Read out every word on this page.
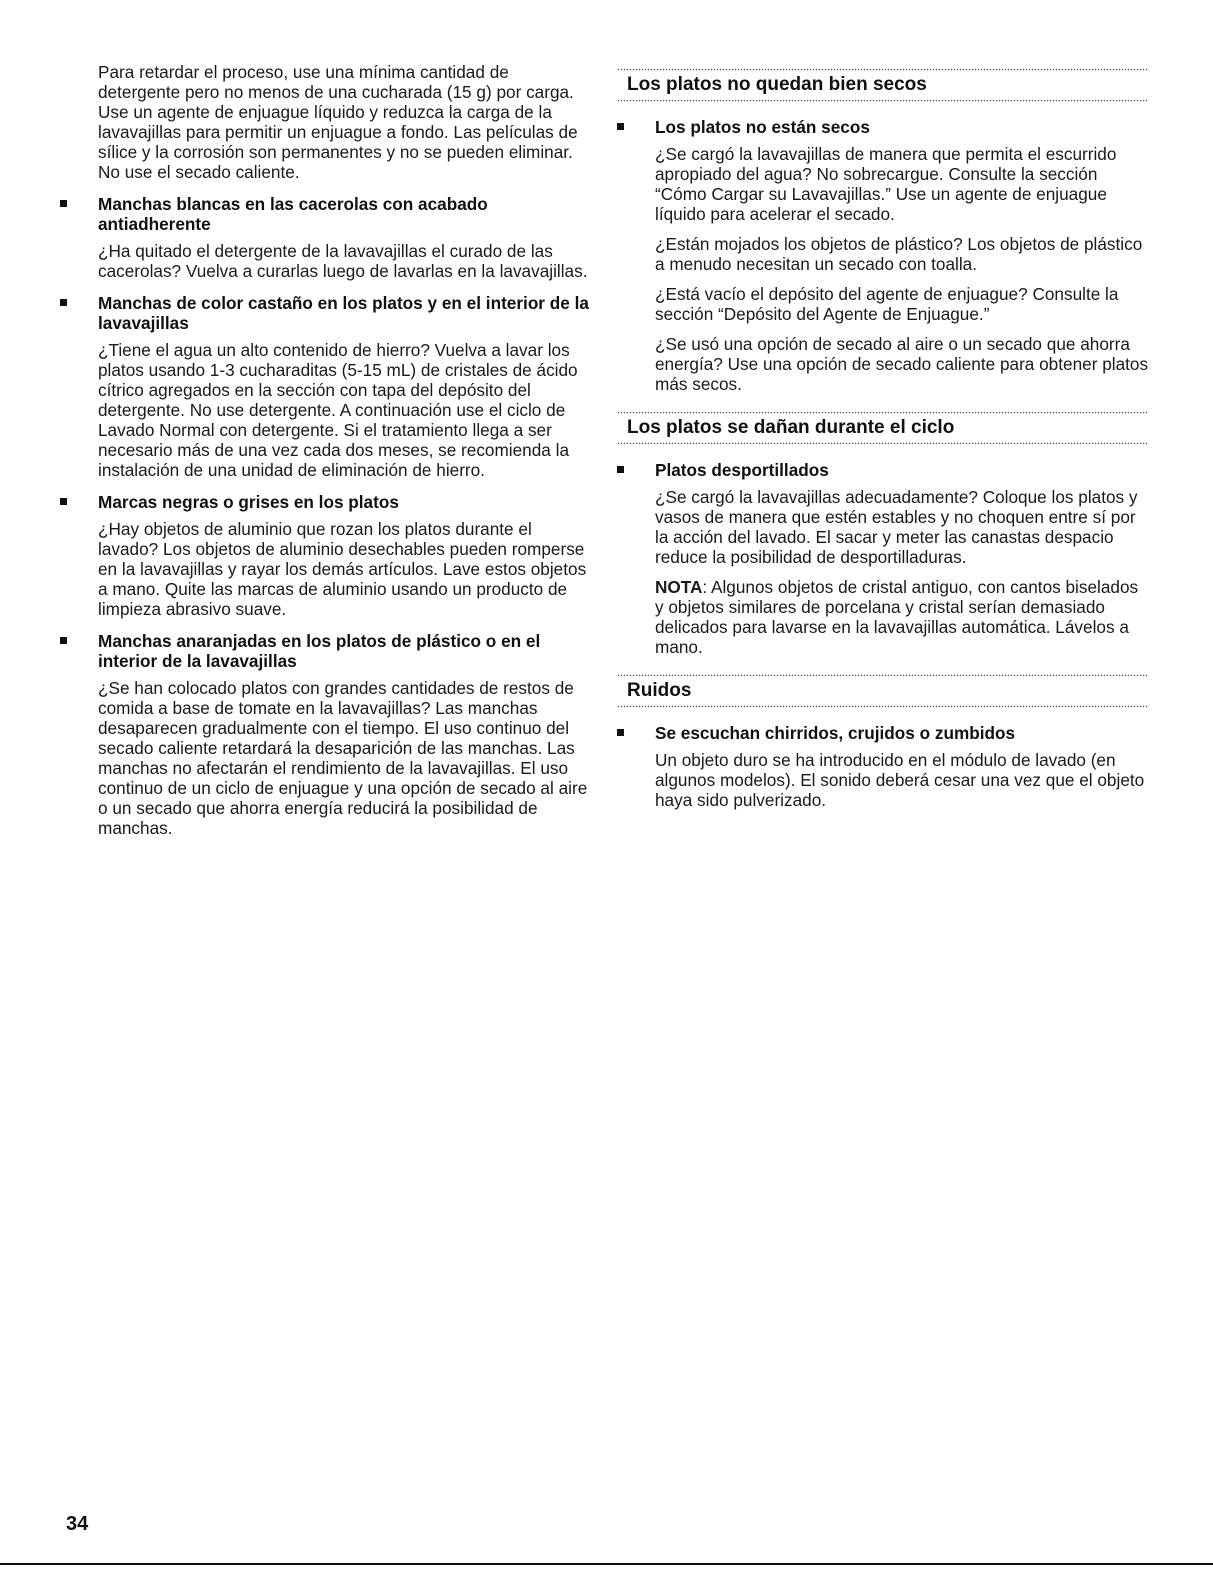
Para retardar el proceso, use una mínima cantidad de detergente pero no menos de una cucharada (15 g) por carga. Use un agente de enjuague líquido y reduzca la carga de la lavavajillas para permitir un enjuague a fondo. Las películas de sílice y la corrosión son permanentes y no se pueden eliminar. No use el secado caliente.

Manchas blancas en las cacerolas con acabado antiadherente

¿Ha quitado el detergente de la lavavajillas el curado de las cacerolas? Vuelva a curarlas luego de lavarlas en la lavavajillas.

Manchas de color castaño en los platos y en el interior de la lavavajillas

¿Tiene el agua un alto contenido de hierro? Vuelva a lavar los platos usando 1-3 cucharaditas (5-15 mL) de cristales de ácido cítrico agregados en la sección con tapa del depósito del detergente. No use detergente. A continuación use el ciclo de Lavado Normal con detergente. Si el tratamiento llega a ser necesario más de una vez cada dos meses, se recomienda la instalación de una unidad de eliminación de hierro.

Marcas negras o grises en los platos

¿Hay objetos de aluminio que rozan los platos durante el lavado? Los objetos de aluminio desechables pueden romperse en la lavavajillas y rayar los demás artículos. Lave estos objetos a mano. Quite las marcas de aluminio usando un producto de limpieza abrasivo suave.

Manchas anaranjadas en los platos de plástico o en el interior de la lavavajillas

¿Se han colocado platos con grandes cantidades de restos de comida a base de tomate en la lavavajillas? Las manchas desaparecen gradualmente con el tiempo. El uso continuo del secado caliente retardará la desaparición de las manchas. Las manchas no afectarán el rendimiento de la lavavajillas. El uso continuo de un ciclo de enjuague y una opción de secado al aire o un secado que ahorra energía reducirá la posibilidad de manchas.

Los platos no quedan bien secos
Los platos no están secos

¿Se cargó la lavavajillas de manera que permita el escurrido apropiado del agua? No sobrecargue. Consulte la sección “Cómo Cargar su Lavavajillas.” Use un agente de enjuague líquido para acelerar el secado.

¿Están mojados los objetos de plástico? Los objetos de plástico a menudo necesitan un secado con toalla.

¿Está vacío el depósito del agente de enjuague? Consulte la sección “Depósito del Agente de Enjuague.”

¿Se usó una opción de secado al aire o un secado que ahorra energía? Use una opción de secado caliente para obtener platos más secos.

Los platos se dañan durante el ciclo
Platos desportillados

¿Se cargó la lavavajillas adecuadamente? Coloque los platos y vasos de manera que estén estables y no choquen entre sí por la acción del lavado. El sacar y meter las canastas despacio reduce la posibilidad de desportilladuras.

NOTA: Algunos objetos de cristal antiguo, con cantos biselados y objetos similares de porcelana y cristal serían demasiado delicados para lavarse en la lavavajillas automática. Lávelos a mano.

Ruidos
Se escuchan chirridos, crujidos o zumbidos

Un objeto duro se ha introducido en el módulo de lavado (en algunos modelos). El sonido deberá cesar una vez que el objeto haya sido pulverizado.

34
